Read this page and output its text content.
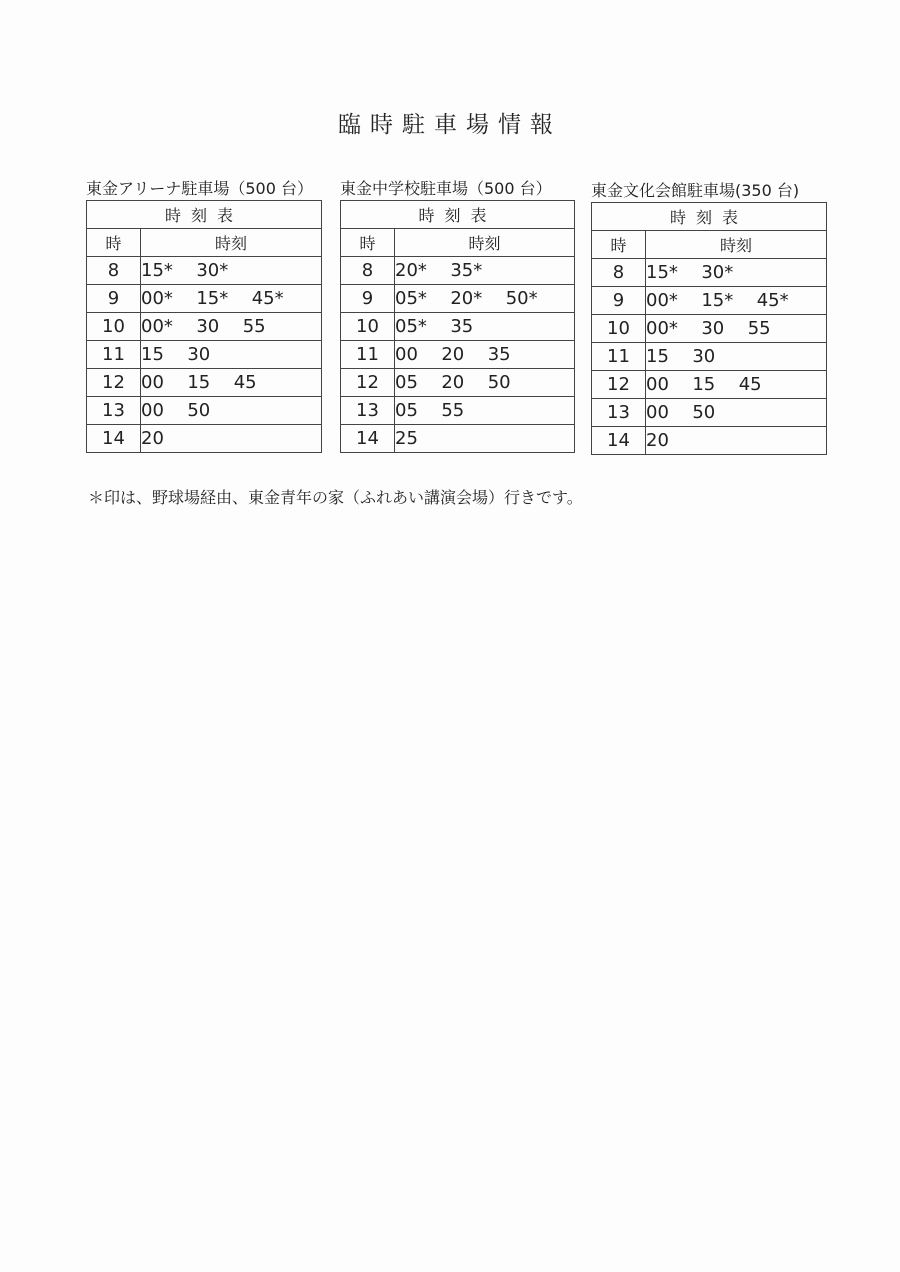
臨時駐車場情報
東金アリーナ駐車場（500 台）
時刻表	
時	時刻
8	15*  30*
9	00*  15*  45*
10	00*  30  55
11	15  30
12	00  15  45
13	00  50
14	20
東金中学校駐車場（500 台）
時刻表	
時	時刻
8	20*  35*
9	05*  20*  50*
10	05*  35
11	00  20  35
12	05  20  50
13	05  55
14	25
東金文化会館駐車場(350 台)
時刻表	
時	時刻
8	15*  30*
9	00*  15*  45*
10	00*  30  55
11	15  30
12	00  15  45
13	00  50
14	20
＊印は、野球場経由、東金青年の家（ふれあい講演会場）行きです。
